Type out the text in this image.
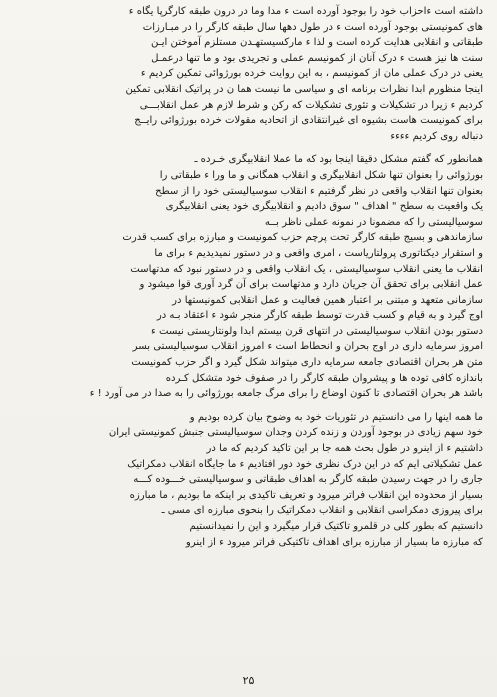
داشته است ءاحزاب خود را بوجود آورده است ء مدا وما در درون طبقه کارگرپا یگاه ء
های کمونیستی بوجود آورده است ء در طول دهها سال طبقه کارگر را در مبـارزات
طبقاتی و انقلابی هدایت کرده است و لذا ء مارکسیستهـدن مستلزم آموختن ایـن
سنت ها نیز هست ء درک آنان از کمونیسم عملی و تجریدی بود و ما تنها درعمـل
یعنی در درک عملی مان از کمونیسم ، به این روایت خرده بورژوائی تمکین کردیم ء
اینجا منظورم ابدا نظرات برنامه ای و سیاسی ما نیست هما ن در پراتیک انقلابی تمکین
کردیم ء زیرا در تشکیلات و تئوری تشکیلات که رکن و شرط لازم هر عمل انقلابـــی
برای کمونیست هاست بشیوه ای غیرانتقادی از اتحادیه مقولات خرده بورژوائی رایــج
دنباله روی کردیم ءءءء

همانطور که گفتم مشکل دقیقا اینجا بود که ما عملا انقلابیگری خـرده ـ
بورژوائی را بعنوان تنها شکل انقلابیگری و انقلاب همگانی و ما ورا ء طبقاتی را
بعنوان تنها انقلاب واقعی در نظر گرفتیم ء انقلاب سوسیالیستی خود را از سطح
یک واقعیت به سطح " اهداف " سوق دادیم و انقلابیگری خود یعنی انقلابیگری
سوسیالیستی را که مضمونا در نمونه عملی ناظر بــه
سازماندهی و بسیج طبقه کارگر تحت پرچم حزب کمونیست و مبارزه برای کسب قدرت
و استقرار دیکتاتوری پرولتاریاست ، امری واقعی و در دستور نمیدیدیم ء برای ما
انقلاب ما یعنی انقلاب سوسیالیستی ، یک انقلاب واقعی و در دستور نبود که مدتهاست
عمل انقلابی برای تحقق آن جریان دارد و مدتهاست برای آن گرد آوری قوا میشود و
سازمانی متعهد و مبتنی بر اعتبار همین فعالیت و عمل انقلابی کمونیستها در
اوج گیرد و به قیام و کسب قدرت توسط طبقه کارگر منجر شود ء اعتقاد بـه در
دستور بودن انقلاب سوسیالیستی در انتهای قرن بیستم ابدا ولونتاریستی نیست ء
امروز سرمایه داری در اوج بحران و انحطاط است ء امروز انقلاب سوسیالیستی بسر
متن هر بحران اقتصادی جامعه سرمایه داری میتواند شکل گیرد و اگر حزب کمونیست
باندازه کافی توده ها و پیشروان طبقه کارگر را در صفوف خود متشکل کـرده
باشد هر بحران اقتصادی تا کنون اوضاع را برای مرگ جامعه بورژوائی را به صدا در می آورد ! ء

ما همه اینها را می دانستیم در تئوریات خود به وضوح بیان کرده بودیم و
خود سهم زیادی در بوجود آوردن و زنده کردن وجدان سوسیالیستی جنبش کمونیستی ایران
داشتیم ء از اینرو در طول بحث همه جا بر این تاکید کردیم که ما در
عمل تشکیلاتی ایم که در این درک نظری خود دور افتادیم ء ما جایگاه انقلاب دمکراتیک
جاری را در جهت رسیدن طبقه کارگر به اهداف طبقاتی و سوسیالیستی خـــوده کـــه
بسیار از محدوده این انقلاب فراتر میرود و تعریف تاکیدی بر اینکه ما بودیم ، ما مبارزه
برای پیروزی دمکراسی انقلابی و انقلاب دمکراتیک را بنحوی مبارزه ای مسی ـ
دانستیم که بطور کلی در قلمرو تاکتیک قرار میگیرد و این را نمیدانستیم
که مبارزه ما بسیار از مبارزه برای اهداف تاکتیکی فراتر میرود ء از اینرو

۲۵
